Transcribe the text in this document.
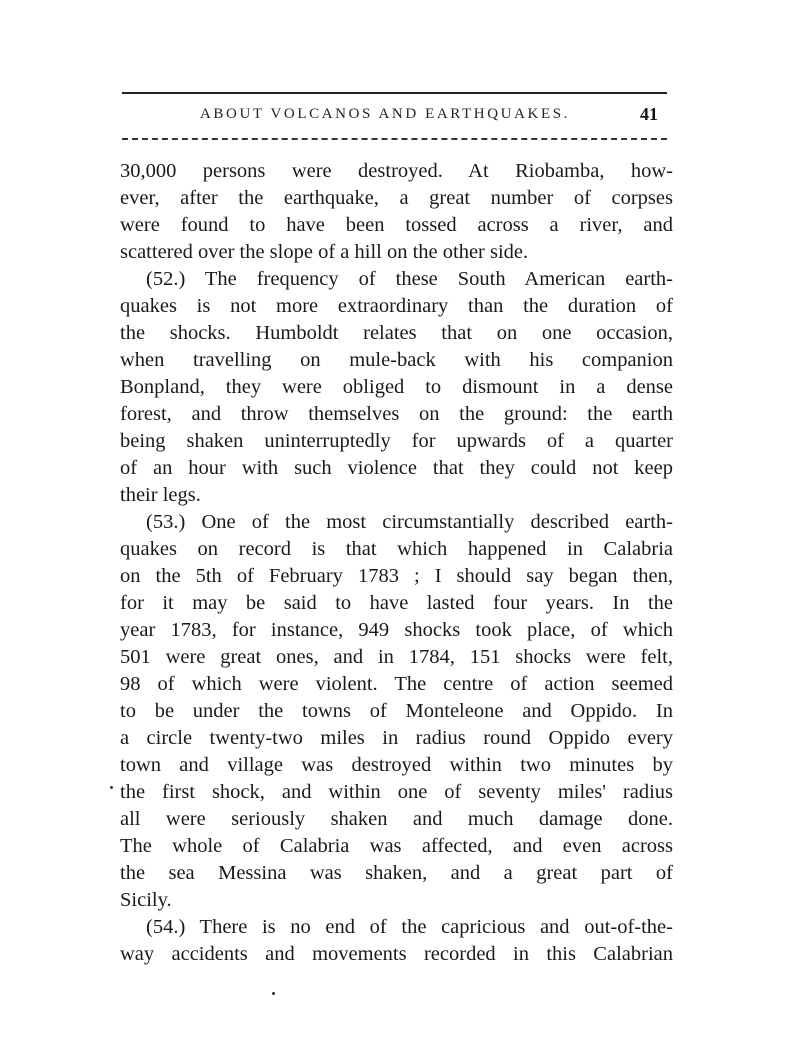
ABOUT VOLCANOS AND EARTHQUAKES.	41
30,000 persons were destroyed. At Riobamba, how-
ever, after the earthquake, a great number of corpses
were found to have been tossed across a river, and
scattered over the slope of a hill on the other side.
(52.) The frequency of these South American earth-
quakes is not more extraordinary than the duration of
the shocks. Humboldt relates that on one occasion,
when travelling on mule-back with his companion
Bonpland, they were obliged to dismount in a dense
forest, and throw themselves on the ground: the earth
being shaken uninterruptedly for upwards of a quarter
of an hour with such violence that they could not keep
their legs.
(53.) One of the most circumstantially described earth-
quakes on record is that which happened in Calabria
on the 5th of February 1783 ; I should say began then,
for it may be said to have lasted four years. In the
year 1783, for instance, 949 shocks took place, of which
501 were great ones, and in 1784, 151 shocks were felt,
98 of which were violent. The centre of action seemed
to be under the towns of Monteleone and Oppido. In
a circle twenty-two miles in radius round Oppido every
town and village was destroyed within two minutes by
the first shock, and within one of seventy miles' radius
all were seriously shaken and much damage done.
The whole of Calabria was affected, and even across
the sea Messina was shaken, and a great part of
Sicily.
(54.) There is no end of the capricious and out-of-the-
way accidents and movements recorded in this Calabrian
